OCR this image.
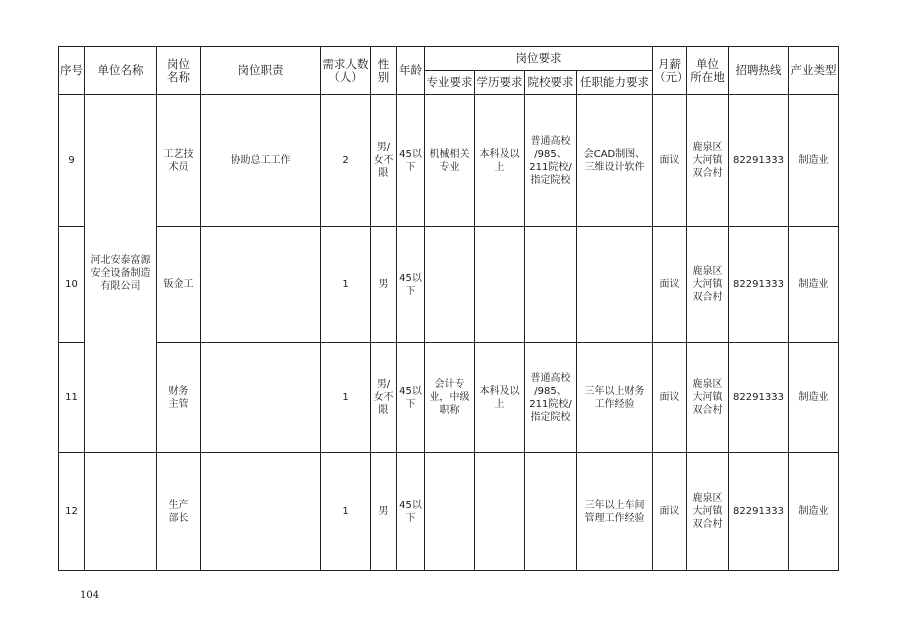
序号	单位名称	岗位
名称	岗位职责	需求人数
（人）	性
别	年龄	岗位要求				月薪
（元）	单位
所在地	招聘热线	产业类型
							专业要求	学历要求	院校要求	任职能力要求				
9	河北安泰富源
安全设备制造
有限公司	工艺技
术员	协助总工工作	2	男/
女不
限	45以
下	机械相关
专业	本科及以
上	普通高校
/985、
211院校/
指定院校	会CAD制图、
三维设计软件	面议	鹿泉区
大河镇
双合村	82291333	制造业
10		钣金工		1	男	45以
下					面议	鹿泉区
大河镇
双合村	82291333	制造业
11		财务
主管		1	男/
女不
限	45以
下	会计专
业，中级
职称	本科及以
上	普通高校
/985、
211院校/
指定院校	三年以上财务
工作经验	面议	鹿泉区
大河镇
双合村	82291333	制造业
12		生产
部长		1	男	45以
下				三年以上车间
管理工作经验	面议	鹿泉区
大河镇
双合村	82291333	制造业
104
